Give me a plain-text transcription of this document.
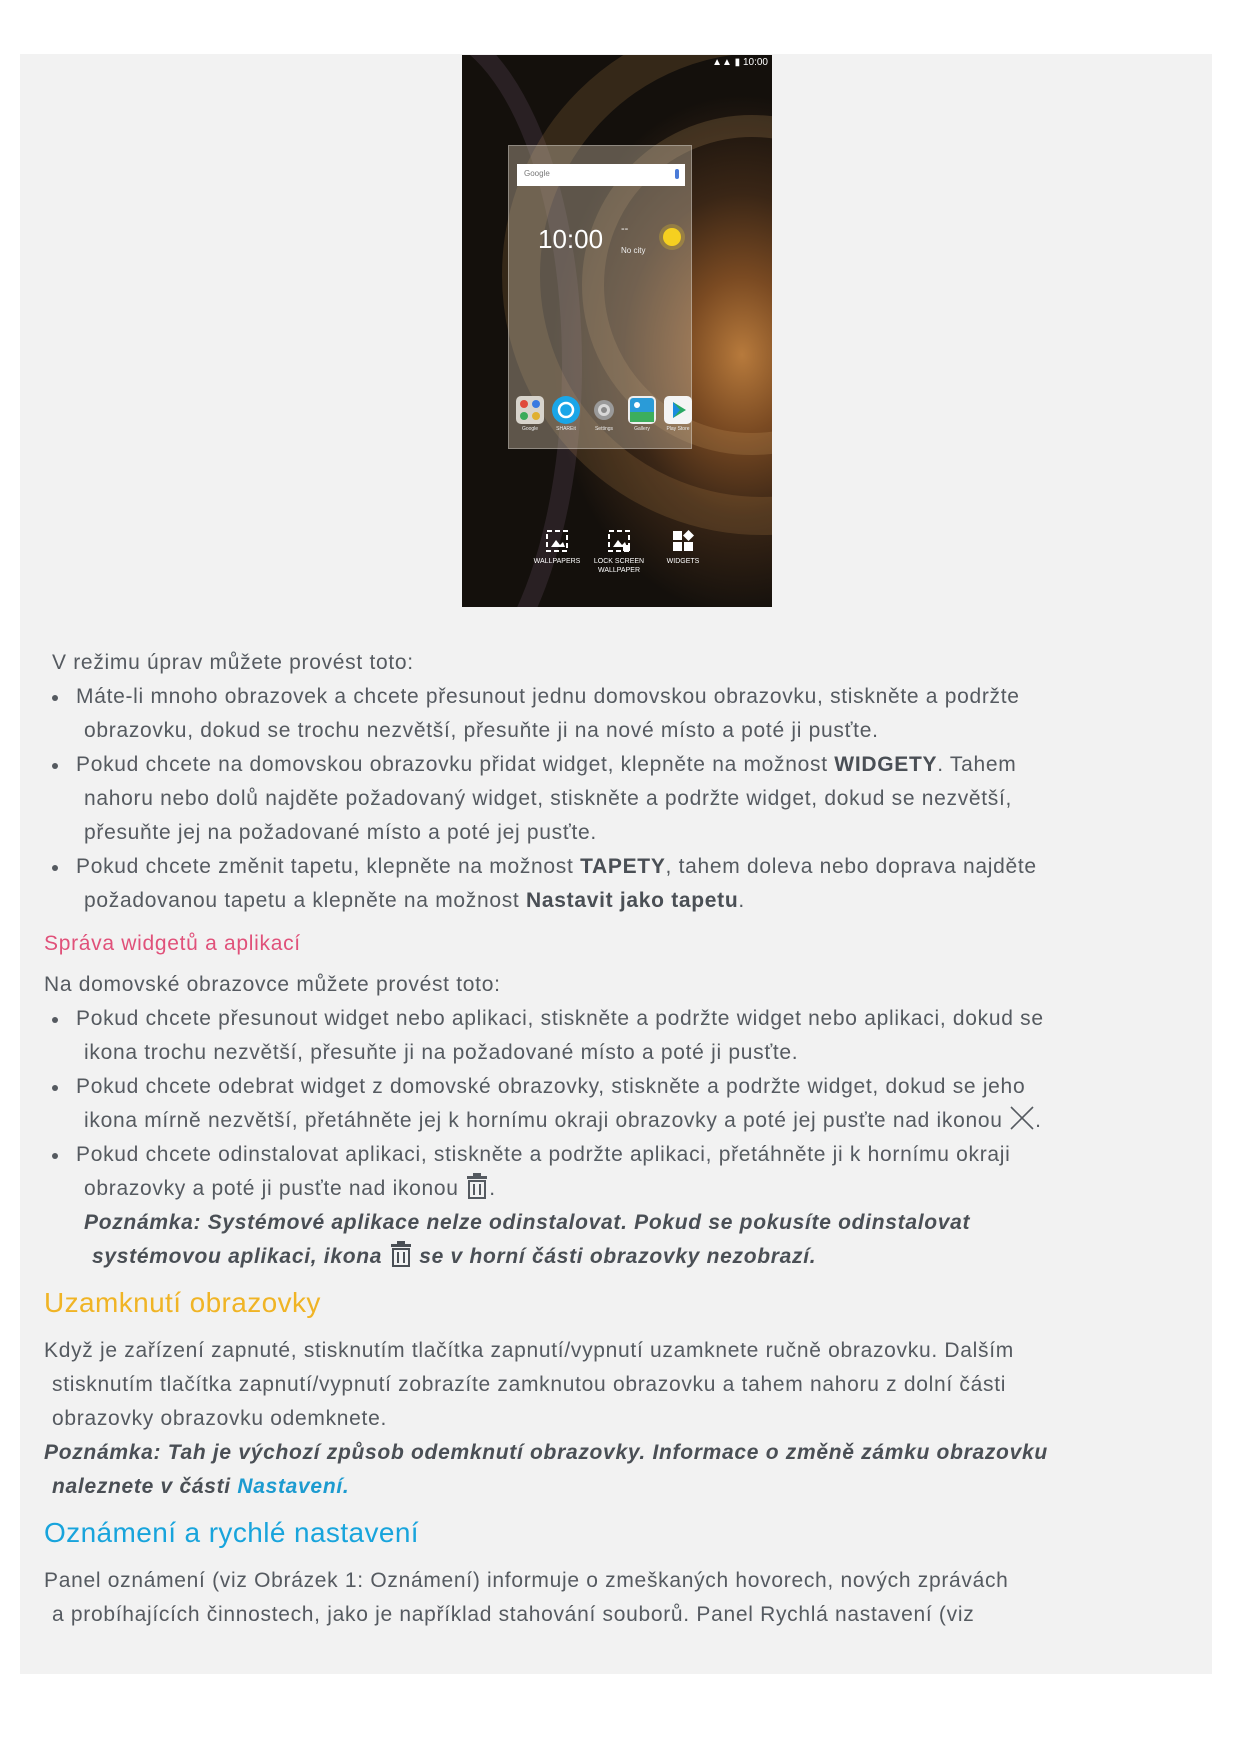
▲▲ ▮ 10:00
Google
10:00 --
No city
Google	SHAREit	Settings	Gallery	Play Store
WALLPAPERS	LOCK SCREEN
WALLPAPER
WIDGETS
V režimu úprav můžete provést toto:
Máte-li mnoho obrazovek a chcete přesunout jednu domovskou obrazovku, stiskněte a podržte
obrazovku, dokud se trochu nezvětší, přesuňte ji na nové místo a poté ji pusťte.
Pokud chcete na domovskou obrazovku přidat widget, klepněte na možnost WIDGETY. Tahem
nahoru nebo dolů najděte požadovaný widget, stiskněte a podržte widget, dokud se nezvětší,
přesuňte jej na požadované místo a poté jej pusťte.
Pokud chcete změnit tapetu, klepněte na možnost TAPETY, tahem doleva nebo doprava najděte
požadovanou tapetu a klepněte na možnost Nastavit jako tapetu.
Správa widgetů a aplikací
Na domovské obrazovce můžete provést toto:
Pokud chcete přesunout widget nebo aplikaci, stiskněte a podržte widget nebo aplikaci, dokud se
ikona trochu nezvětší, přesuňte ji na požadované místo a poté ji pusťte.
Pokud chcete odebrat widget z domovské obrazovky, stiskněte a podržte widget, dokud se jeho
ikona mírně nezvětší, přetáhněte jej k hornímu okraji obrazovky a poté jej pusťte nad ikonou .
Pokud chcete odinstalovat aplikaci, stiskněte a podržte aplikaci, přetáhněte ji k hornímu okraji
obrazovky a poté ji pusťte nad ikonou .
Poznámka: Systémové aplikace nelze odinstalovat. Pokud se pokusíte odinstalovat
systémovou aplikaci, ikona se v horní části obrazovky nezobrazí.
Uzamknutí obrazovky
Když je zařízení zapnuté, stisknutím tlačítka zapnutí/vypnutí uzamknete ručně obrazovku. Dalším
stisknutím tlačítka zapnutí/vypnutí zobrazíte zamknutou obrazovku a tahem nahoru z dolní části
obrazovky obrazovku odemknete.
Poznámka: Tah je výchozí způsob odemknutí obrazovky. Informace o změně zámku obrazovku
naleznete v části Nastavení.
Oznámení a rychlé nastavení
Panel oznámení (viz Obrázek 1: Oznámení) informuje o zmeškaných hovorech, nových zprávách
a probíhajících činnostech, jako je například stahování souborů. Panel Rychlá nastavení (viz
